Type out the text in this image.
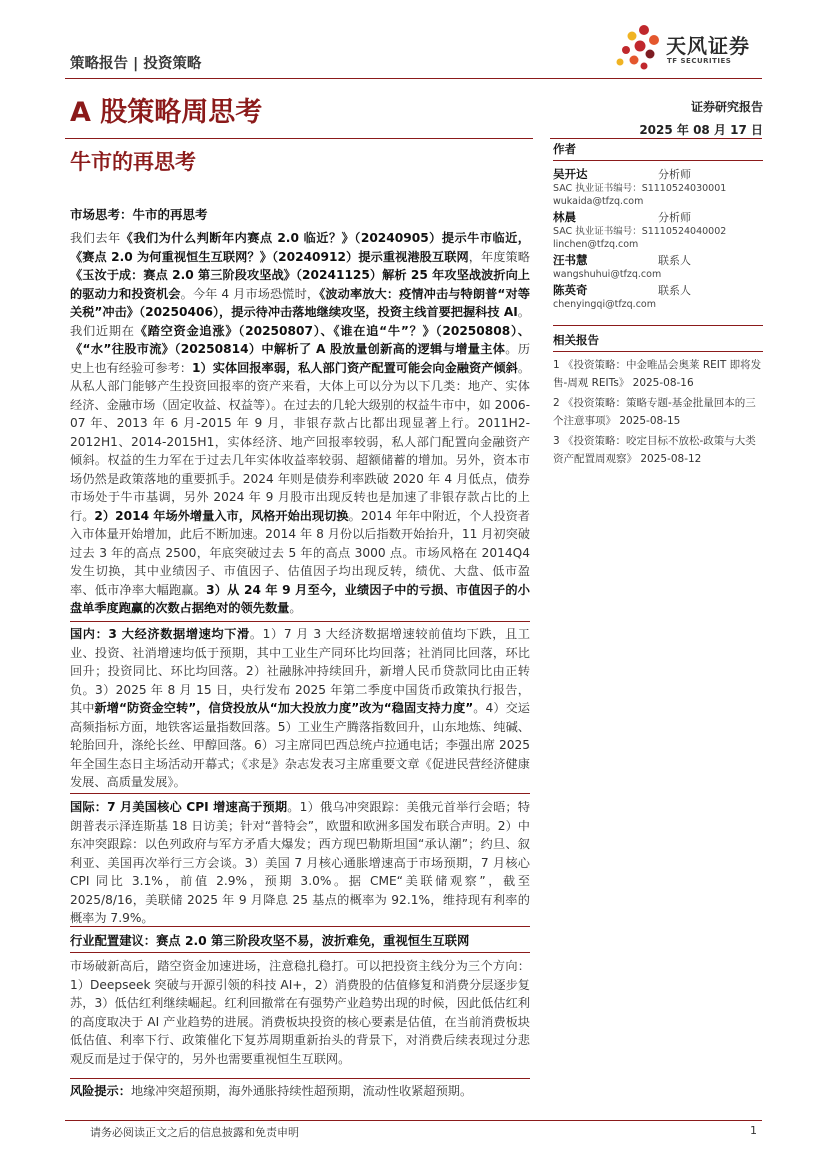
策略报告 | 投资策略
天风证券
TF SECURITIES
A 股策略周思考	证券研究报告
2025 年 08 月 17 日
牛市的再思考
市场思考：牛市的再思考

我们去年《我们为什么判断年内赛点 2.0 临近？》（20240905）提示牛市临近，《赛点 2.0 为何重视恒生互联网？》（20240912）提示重视港股互联网，年度策略《玉汝于成：赛点 2.0 第三阶段攻坚战》（20241125）解析 25 年攻坚战波折向上的驱动力和投资机会。今年 4 月市场恐慌时，《波动率放大：疫情冲击与特朗普“对等关税”冲击》（20250406），提示待冲击落地继续攻坚，投资主线首要把握科技 AI。我们近期在《踏空资金追涨》（20250807）、《谁在追“牛”？》（20250808）、《“水”往股市流》（20250814）中解析了 A 股放量创新高的逻辑与增量主体。历史上也有经验可参考：1）实体回报率弱，私人部门资产配置可能会向金融资产倾斜。从私人部门能够产生投资回报率的资产来看，大体上可以分为以下几类：地产、实体经济、金融市场（固定收益、权益等）。在过去的几轮大级别的权益牛市中，如 2006-07 年、2013 年 6 月-2015 年 9 月，非银存款占比都出现显著上行。2011H2-2012H1、2014-2015H1，实体经济、地产回报率较弱，私人部门配置向金融资产倾斜。权益的生力军在于过去几年实体收益率较弱、超额储蓄的增加。另外，资本市场仍然是政策落地的重要抓手。2024 年则是债券利率跌破 2020 年 4 月低点，债券市场处于牛市基调，另外 2024 年 9 月股市出现反转也是加速了非银存款占比的上行。2）2014 年场外增量入市，风格开始出现切换。2014 年年中附近，个人投资者入市体量开始增加，此后不断加速。2014 年 8 月份以后指数开始抬升，11 月初突破过去 3 年的高点 2500，年底突破过去 5 年的高点 3000 点。市场风格在 2014Q4 发生切换，其中业绩因子、市值因子、估值因子均出现反转，绩优、大盘、低市盈率、低市净率大幅跑赢。3）从 24 年 9 月至今，业绩因子中的亏损、市值因子的小盘单季度跑赢的次数占据绝对的领先数量。

国内：3 大经济数据增速均下滑。1）7 月 3 大经济数据增速较前值均下跌，且工业、投资、社消增速均低于预期，其中工业生产同环比均回落；社消同比回落，环比回升；投资同比、环比均回落。2）社融脉冲持续回升，新增人民币贷款同比由正转负。3）2025 年 8 月 15 日，央行发布 2025 年第二季度中国货币政策执行报告，其中新增“防资金空转”，信贷投放从“加大投放力度”改为“稳固支持力度”。4）交运高频指标方面，地铁客运量指数回落。5）工业生产腾落指数回升，山东地炼、纯碱、轮胎回升，涤纶长丝、甲醇回落。6）习主席同巴西总统卢拉通电话；李强出席 2025 年全国生态日主场活动开幕式；《求是》杂志发表习主席重要文章《促进民营经济健康发展、高质量发展》。

国际：7 月美国核心 CPI 增速高于预期。1）俄乌冲突跟踪：美俄元首举行会晤；特朗普表示泽连斯基 18 日访美；针对“普特会”，欧盟和欧洲多国发布联合声明。2）中东冲突跟踪：以色列政府与军方矛盾大爆发；西方现巴勒斯坦国“承认潮”；约旦、叙利亚、美国再次举行三方会谈。3）美国 7 月核心通胀增速高于市场预期，7 月核心 CPI 同比 3.1%，前值 2.9%，预期 3.0%。据 CME“美联储观察”，截至 2025/8/16，美联储 2025 年 9 月降息 25 基点的概率为 92.1%，维持现有利率的概率为 7.9%。

行业配置建议：赛点 2.0 第三阶段攻坚不易，波折难免，重视恒生互联网

市场破新高后，踏空资金加速进场，注意稳扎稳打。可以把投资主线分为三个方向：1）Deepseek 突破与开源引领的科技 AI+，2）消费股的估值修复和消费分层逐步复苏，3）低估红利继续崛起。红利回撤常在有强势产业趋势出现的时候，因此低估红利的高度取决于 AI 产业趋势的进展。消费板块投资的核心要素是估值，在当前消费板块低估值、利率下行、政策催化下复苏周期重新抬头的背景下，对消费后续表现过分悲观反而是过于保守的，另外也需要重视恒生互联网。

风险提示：地缘冲突超预期，海外通胀持续性超预期，流动性收紧超预期。
作者
吴开达	分析师
SAC 执业证书编号：S1110524030001
wukaida@tfzq.com
林晨	分析师
SAC 执业证书编号：S1110524040002
linchen@tfzq.com
汪书慧	联系人
wangshuhui@tfzq.com
陈英奇	联系人
chenyingqi@tfzq.com
相关报告
1 《投资策略：中金唯品会奥莱 REIT 即将发售-周观 REITs》 2025-08-16
2 《投资策略：策略专题-基金批量回本的三个注意事项》 2025-08-15
3 《投资策略：咬定目标不放松-政策与大类资产配置周观察》 2025-08-12
请务必阅读正文之后的信息披露和免责申明	1
